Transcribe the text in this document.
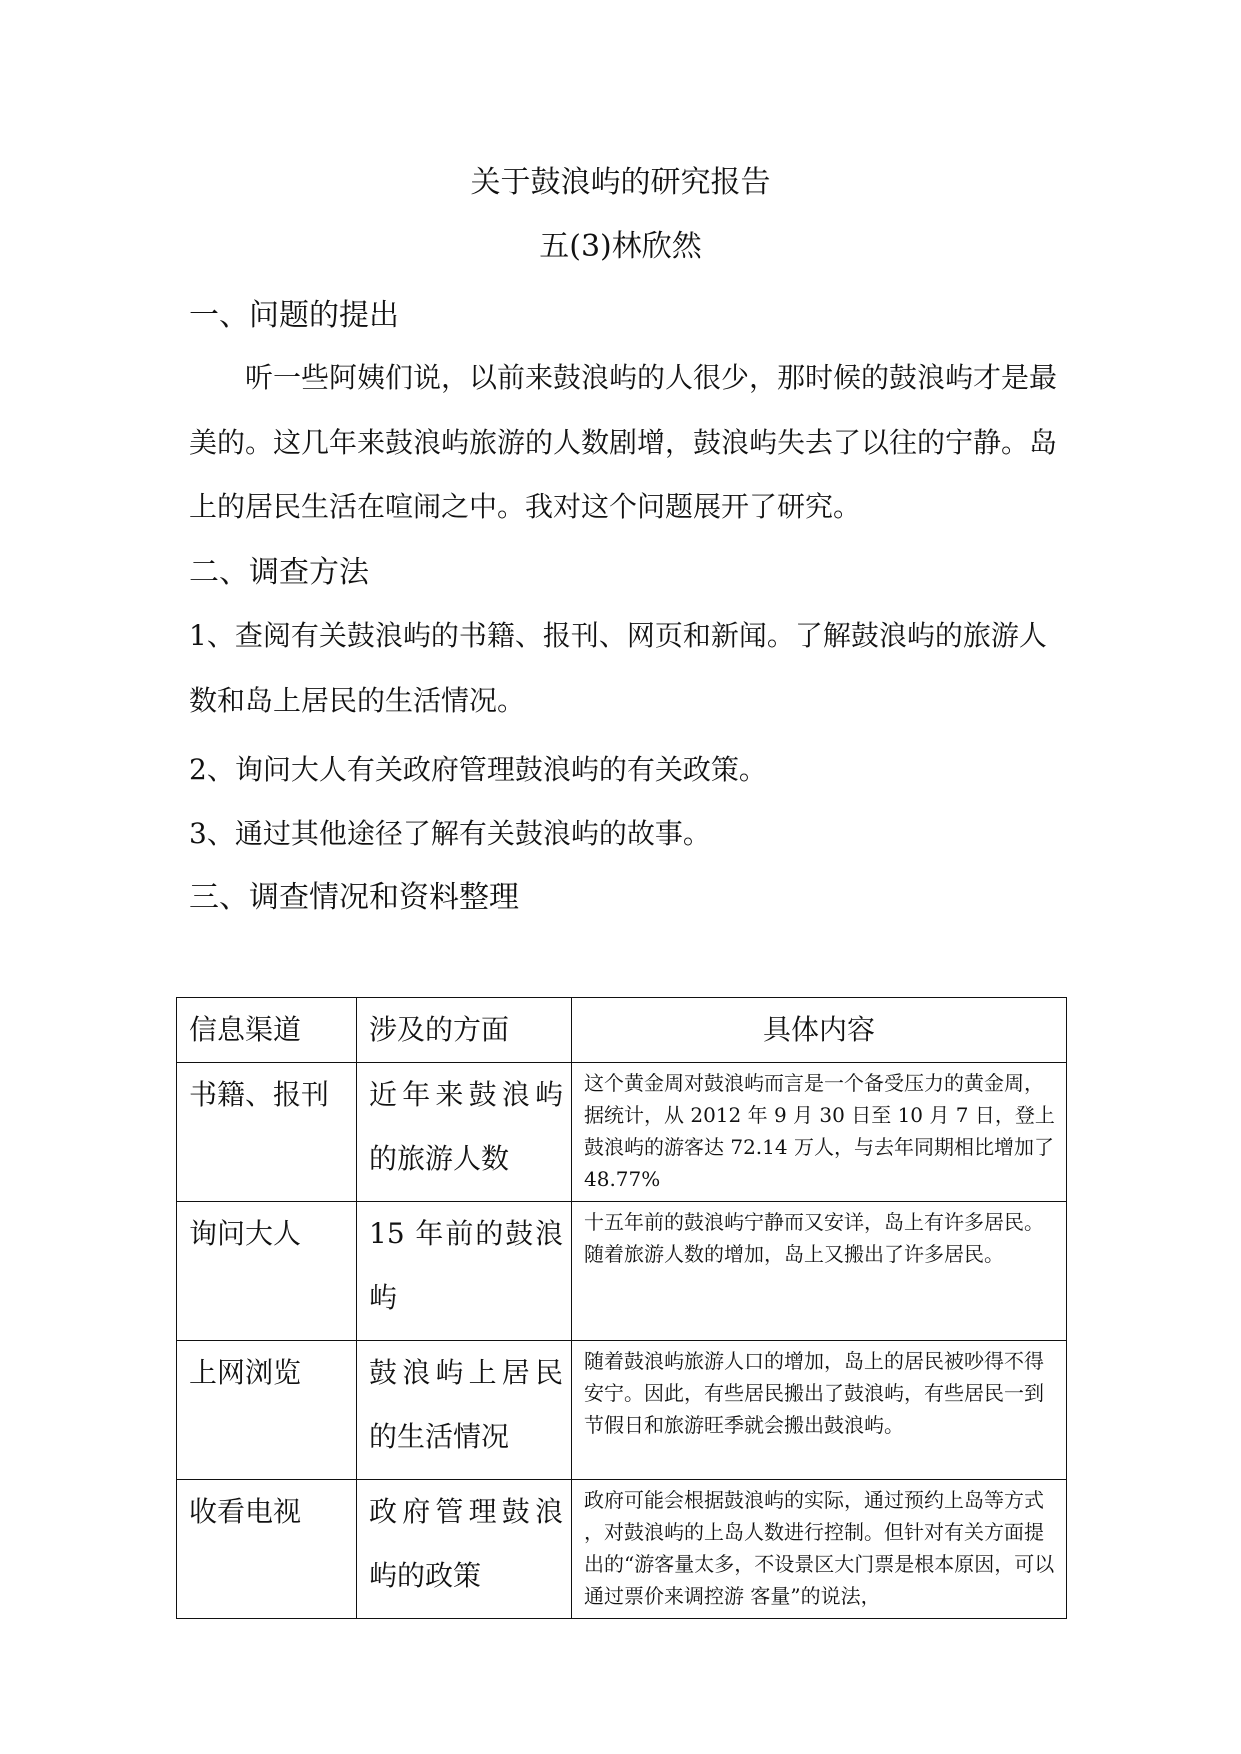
关于鼓浪屿的研究报告
五(3)林欣然
一、问题的提出
听一些阿姨们说，以前来鼓浪屿的人很少，那时候的鼓浪屿才是最美的。这几年来鼓浪屿旅游的人数剧增，鼓浪屿失去了以往的宁静。岛上的居民生活在喧闹之中。我对这个问题展开了研究。
二、调查方法
1、查阅有关鼓浪屿的书籍、报刊、网页和新闻。了解鼓浪屿的旅游人数和岛上居民的生活情况。
2、询问大人有关政府管理鼓浪屿的有关政策。
3、通过其他途径了解有关鼓浪屿的故事。
三、调查情况和资料整理
信息渠道	涉及的方面	具体内容
书籍、报刊	近年来鼓浪屿的旅游人数	这个黄金周对鼓浪屿而言是一个备受压力的黄金周，据统计，从 2012 年 9 月 30 日至 10 月 7 日，登上鼓浪屿的游客达 72.14 万人，与去年同期相比增加了 48.77%
询问大人	15 年前的鼓浪屿	十五年前的鼓浪屿宁静而又安详，岛上有许多居民。 随着旅游人数的增加，岛上又搬出了许多居民。
上网浏览	鼓浪屿上居民的生活情况	随着鼓浪屿旅游人口的增加，岛上的居民被吵得不得安宁。因此，有些居民搬出了鼓浪屿，有些居民一到节假日和旅游旺季就会搬出鼓浪屿。
收看电视	政府管理鼓浪屿的政策	政府可能会根据鼓浪屿的实际，通过预约上岛等方式 ，对鼓浪屿的上岛人数进行控制。但针对有关方面提出的“游客量太多，不设景区大门票是根本原因，可以通过票价来调控游 客量”的说法，
